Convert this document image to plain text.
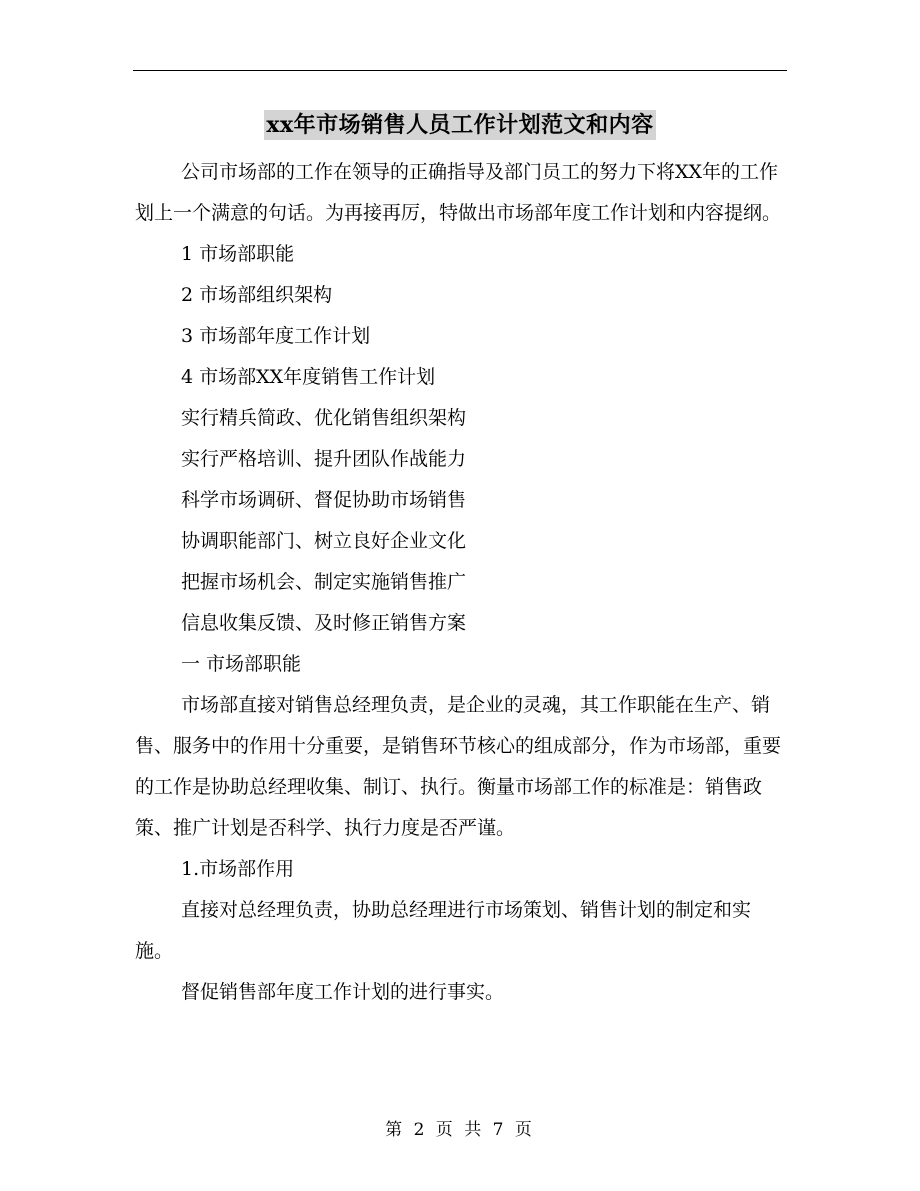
xx年市场销售人员工作计划范文和内容

公司市场部的工作在领导的正确指导及部门员工的努力下将XX年的工作划上一个满意的句话。为再接再厉，特做出市场部年度工作计划和内容提纲。

1 市场部职能

2 市场部组织架构

3 市场部年度工作计划

4 市场部XX年度销售工作计划

实行精兵简政、优化销售组织架构

实行严格培训、提升团队作战能力

科学市场调研、督促协助市场销售

协调职能部门、树立良好企业文化

把握市场机会、制定实施销售推广

信息收集反馈、及时修正销售方案

一 市场部职能

市场部直接对销售总经理负责，是企业的灵魂，其工作职能在生产、销售、服务中的作用十分重要，是销售环节核心的组成部分，作为市场部，重要的工作是协助总经理收集、制订、执行。衡量市场部工作的标准是：销售政策、推广计划是否科学、执行力度是否严谨。

1.市场部作用

直接对总经理负责，协助总经理进行市场策划、销售计划的制定和实施。

督促销售部年度工作计划的进行事实。

第 2 页 共 7 页
